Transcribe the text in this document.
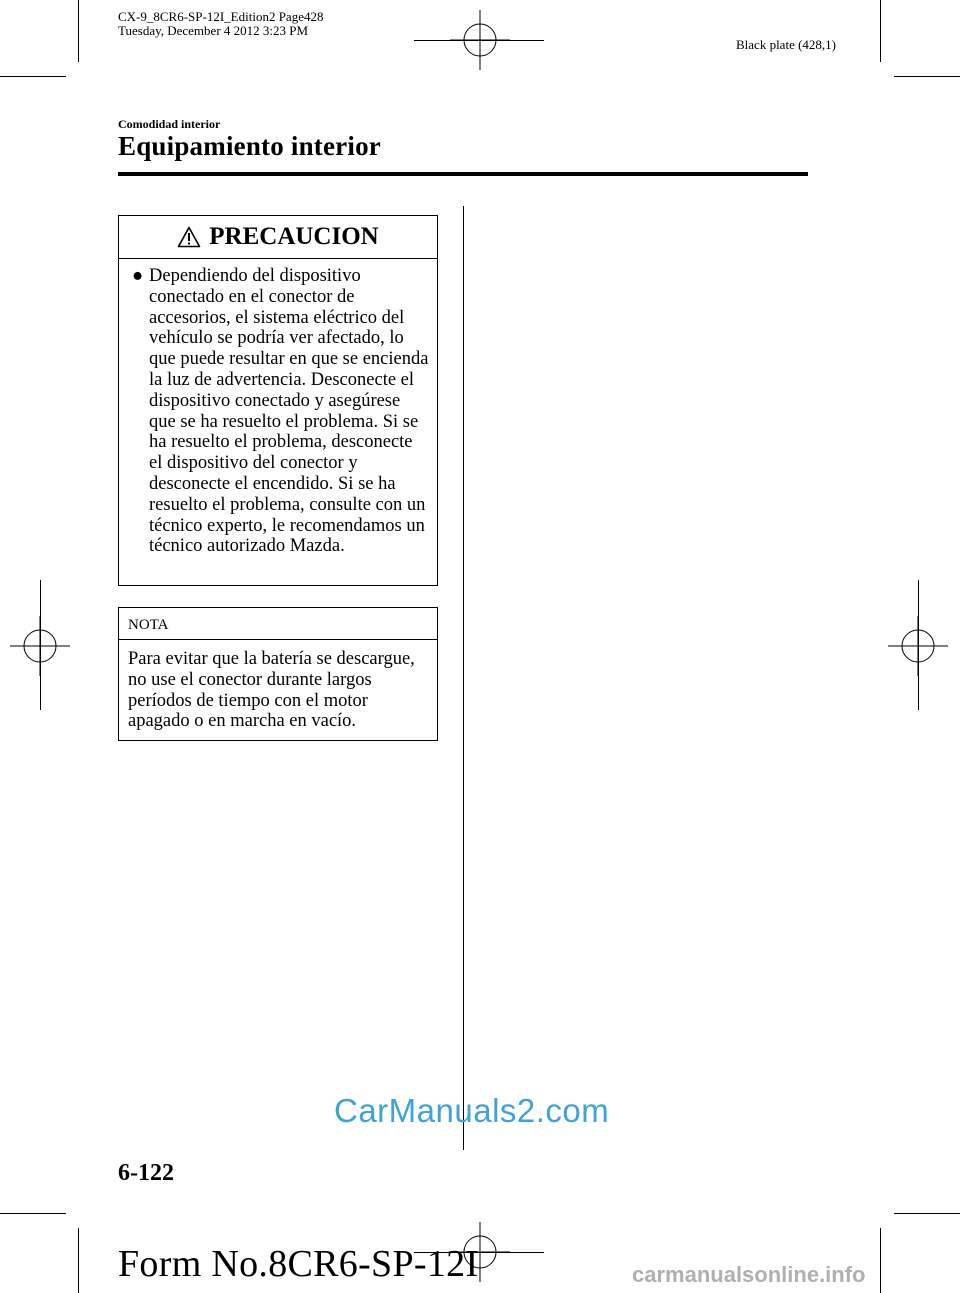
CX-9_8CR6-SP-12I_Edition2 Page428
Tuesday, December 4 2012 3:23 PM
Black plate (428,1)
Comodidad interior
Equipamiento interior
PRECAUCION
● Dependiendo del dispositivo conectado en el conector de accesorios, el sistema eléctrico del vehículo se podría ver afectado, lo que puede resultar en que se encienda la luz de advertencia. Desconecte el dispositivo conectado y asegúrese que se ha resuelto el problema. Si se ha resuelto el problema, desconecte el dispositivo del conector y desconecte el encendido. Si se ha resuelto el problema, consulte con un técnico experto, le recomendamos un técnico autorizado Mazda.
NOTA
Para evitar que la batería se descargue, no use el conector durante largos períodos de tiempo con el motor apagado o en marcha en vacío.
CarManuals2.com
6-122
Form No.8CR6-SP-12I	carmanualsonline.info
